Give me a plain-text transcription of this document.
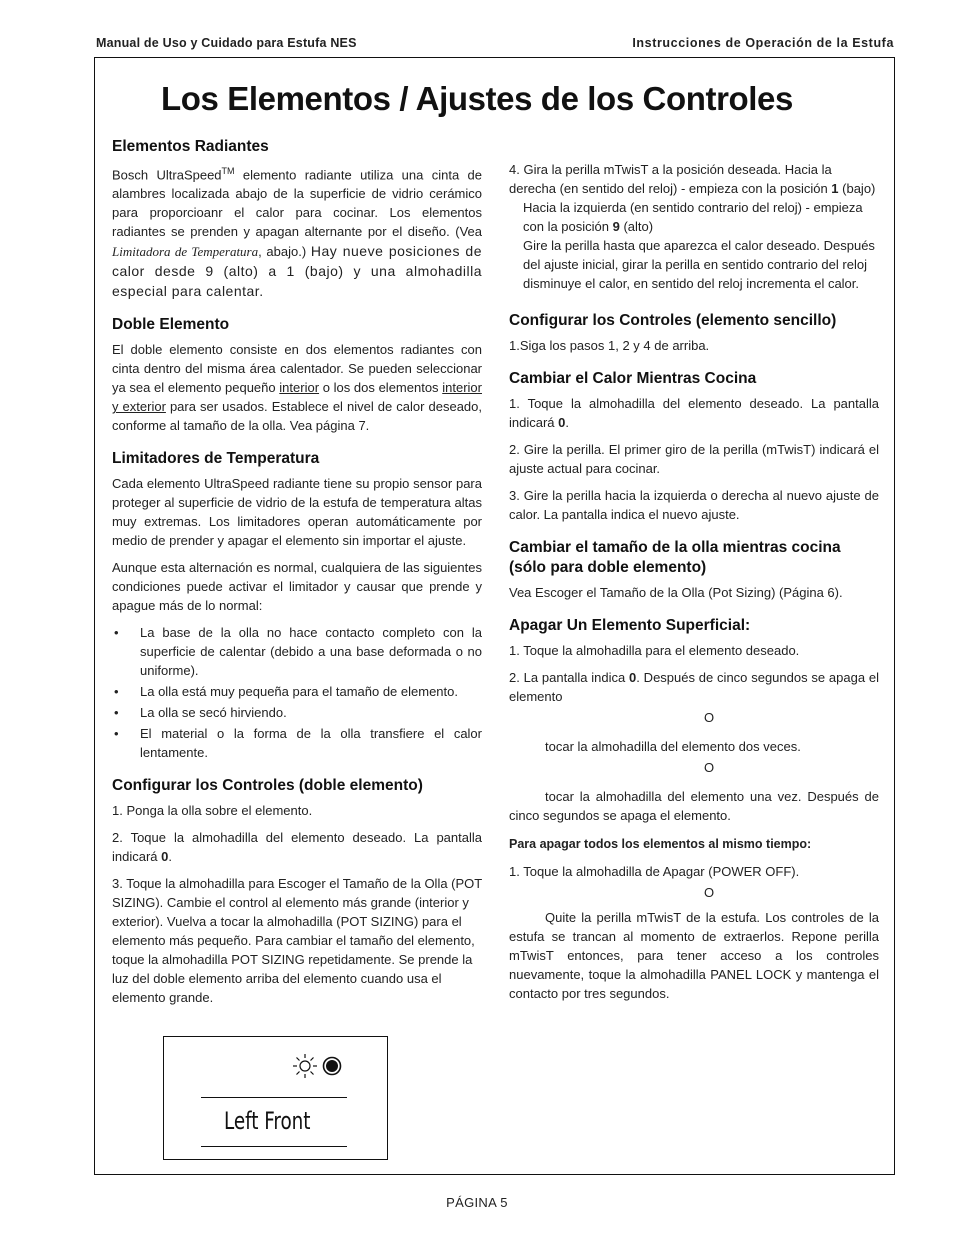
Manual de Uso y Cuidado para Estufa NES	Instrucciones de Operación de la Estufa
Los Elementos / Ajustes de los Controles
Elementos Radiantes

Bosch UltraSpeed™ elemento radiante utiliza una cinta de alambres localizada abajo de la superficie de vidrio cerámico para proporcioanr el calor para cocinar. Los elementos radiantes se prenden y apagan alternante por el diseño. (Vea Limitadora de Temperatura, abajo.) Hay nueve posiciones de calor desde 9 (alto) a 1 (bajo) y una almohadilla especial para calentar.

Doble Elemento

El doble elemento consiste en dos elementos radiantes con cinta dentro del misma área calentador. Se pueden seleccionar ya sea el elemento pequeño interior o los dos elementos interior y exterior para ser usados. Establece el nivel de calor deseado, conforme al tamaño de la olla. Vea página 7.

Limitadores de Temperatura

Cada elemento UltraSpeed radiante tiene su propio sensor para proteger al superficie de vidrio de la estufa de temperatura altas muy extremas. Los limitadores operan automáticamente por medio de prender y apagar el elemento sin importar el ajuste.

Aunque esta alternación es normal, cualquiera de las siguientes condiciones puede activar el limitador y causar que prende y apague más de lo normal:

• La base de la olla no hace contacto completo con la superficie de calentar (debido a una base deformada o no uniforme).
• La olla está muy pequeña para el tamaño de elemento.
• La olla se secó hirviendo.
• El material o la forma de la olla transfiere el calor lentamente.
Configurar los Controles (doble elemento)

1. Ponga la olla sobre el elemento.

2. Toque la almohadilla del elemento deseado. La pantalla indicará 0.

3. Toque la almohadilla para Escoger el Tamaño de la Olla (POT SIZING). Cambie el control al elemento más grande (interior y exterior). Vuelva a tocar la almohadilla (POT SIZING) para el elemento más pequeño. Para cambiar el tamaño del elemento, toque la almohadilla POT SIZING repetidamente. Se prende la luz del doble elemento arriba del elemento cuando usa el elemento grande.

Left Front

4. Gira la perilla mTwisT a la posición deseada. Hacia la derecha (en sentido del reloj) - empieza con la posición 1 (bajo)

Hacia la izquierda (en sentido contrario del reloj) - empieza con la posición 9 (alto)

Gire la perilla hasta que aparezca el calor deseado. Después del ajuste inicial, girar la perilla en sentido contrario del reloj disminuye el calor, en sentido del reloj incrementa el calor.

Configurar los Controles (elemento sencillo)

1.Siga los pasos 1, 2 y 4 de arriba.

Cambiar el Calor Mientras Cocina

1. Toque la almohadilla del elemento deseado. La pantalla indicará 0.

2. Gire la perilla. El primer giro de la perilla (mTwisT) indicará el ajuste actual para cocinar.

3. Gire la perilla hacia la izquierda o derecha al nuevo ajuste de calor. La pantalla indica el nuevo ajuste.

Cambiar el tamaño de la olla mientras cocina (sólo para doble elemento)

Vea Escoger el Tamaño de la Olla (Pot Sizing) (Página 6).

Apagar Un Elemento Superficial:

1. Toque la almohadilla para el elemento deseado.

2. La pantalla indica 0. Después de cinco segundos se apaga el elemento

O

tocar la almohadilla del elemento dos veces.

O

tocar la almohadilla del elemento una vez. Después de cinco segundos se apaga el elemento.

Para apagar todos los elementos al mismo tiempo:

1. Toque la almohadilla de Apagar (POWER OFF).

O

Quite la perilla mTwisT de la estufa. Los controles de la estufa se trancan al momento de extraerlos. Repone perilla mTwisT entonces, para tener acceso a los controles nuevamente, toque la almohadilla PANEL LOCK y mantenga el contacto por tres segundos.

PÁGINA 5
